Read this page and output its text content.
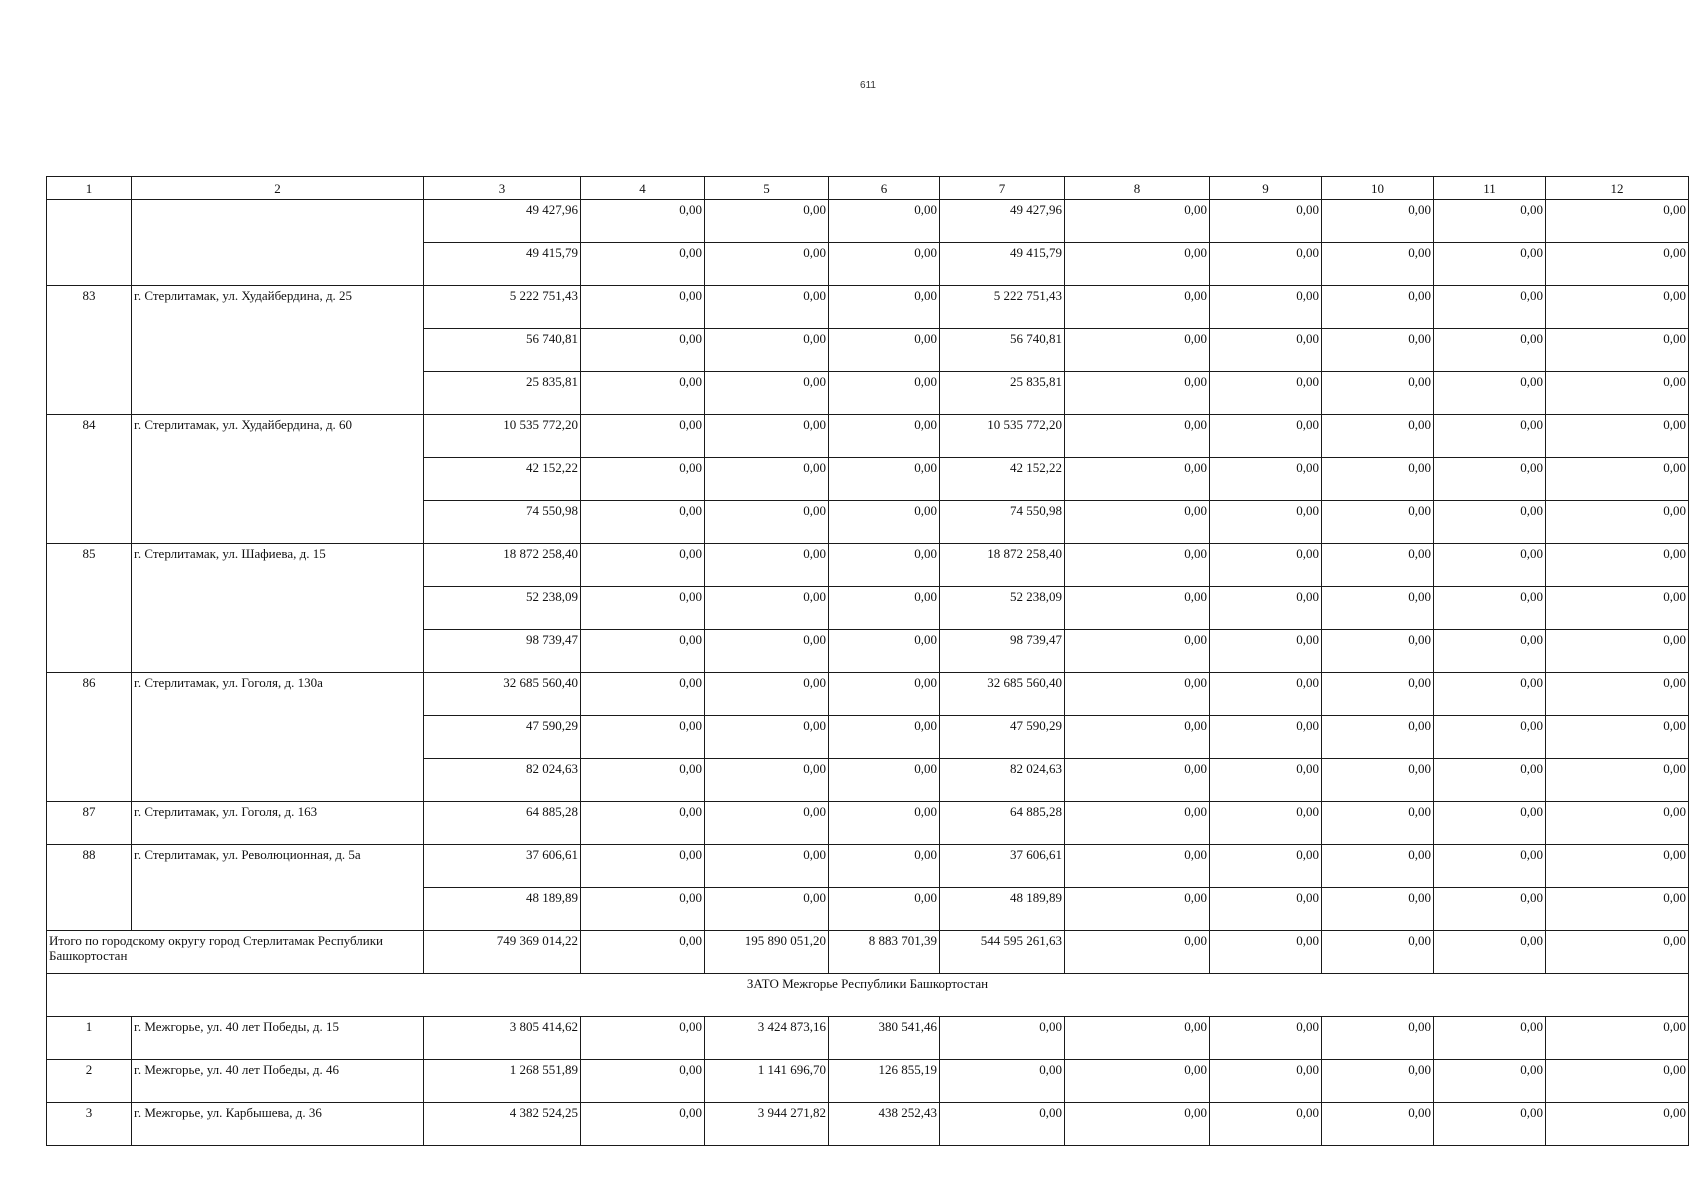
611
1	2	3	4	5	6	7	8	9	10	11	12
		49 427,96	0,00	0,00	0,00	49 427,96	0,00	0,00	0,00	0,00	0,00
		49 415,79	0,00	0,00	0,00	49 415,79	0,00	0,00	0,00	0,00	0,00
83	г. Стерлитамак, ул. Худайбердина, д. 25	5 222 751,43	0,00	0,00	0,00	5 222 751,43	0,00	0,00	0,00	0,00	0,00
		56 740,81	0,00	0,00	0,00	56 740,81	0,00	0,00	0,00	0,00	0,00
		25 835,81	0,00	0,00	0,00	25 835,81	0,00	0,00	0,00	0,00	0,00
84	г. Стерлитамак, ул. Худайбердина, д. 60	10 535 772,20	0,00	0,00	0,00	10 535 772,20	0,00	0,00	0,00	0,00	0,00
		42 152,22	0,00	0,00	0,00	42 152,22	0,00	0,00	0,00	0,00	0,00
		74 550,98	0,00	0,00	0,00	74 550,98	0,00	0,00	0,00	0,00	0,00
85	г. Стерлитамак, ул. Шафиева, д. 15	18 872 258,40	0,00	0,00	0,00	18 872 258,40	0,00	0,00	0,00	0,00	0,00
		52 238,09	0,00	0,00	0,00	52 238,09	0,00	0,00	0,00	0,00	0,00
		98 739,47	0,00	0,00	0,00	98 739,47	0,00	0,00	0,00	0,00	0,00
86	г. Стерлитамак, ул. Гоголя, д. 130а	32 685 560,40	0,00	0,00	0,00	32 685 560,40	0,00	0,00	0,00	0,00	0,00
		47 590,29	0,00	0,00	0,00	47 590,29	0,00	0,00	0,00	0,00	0,00
		82 024,63	0,00	0,00	0,00	82 024,63	0,00	0,00	0,00	0,00	0,00
87	г. Стерлитамак, ул. Гоголя, д. 163	64 885,28	0,00	0,00	0,00	64 885,28	0,00	0,00	0,00	0,00	0,00
88	г. Стерлитамак, ул. Революционная, д. 5а	37 606,61	0,00	0,00	0,00	37 606,61	0,00	0,00	0,00	0,00	0,00
		48 189,89	0,00	0,00	0,00	48 189,89	0,00	0,00	0,00	0,00	0,00
Итого по городскому округу город Стерлитамак Республики Башкортостан		749 369 014,22	0,00	195 890 051,20	8 883 701,39	544 595 261,63	0,00	0,00	0,00	0,00	0,00
ЗАТО Межгорье Республики Башкортостан											
1	г. Межгорье, ул. 40 лет Победы, д. 15	3 805 414,62	0,00	3 424 873,16	380 541,46	0,00	0,00	0,00	0,00	0,00	0,00
2	г. Межгорье, ул. 40 лет Победы, д. 46	1 268 551,89	0,00	1 141 696,70	126 855,19	0,00	0,00	0,00	0,00	0,00	0,00
3	г. Межгорье, ул. Карбышева, д. 36	4 382 524,25	0,00	3 944 271,82	438 252,43	0,00	0,00	0,00	0,00	0,00	0,00
